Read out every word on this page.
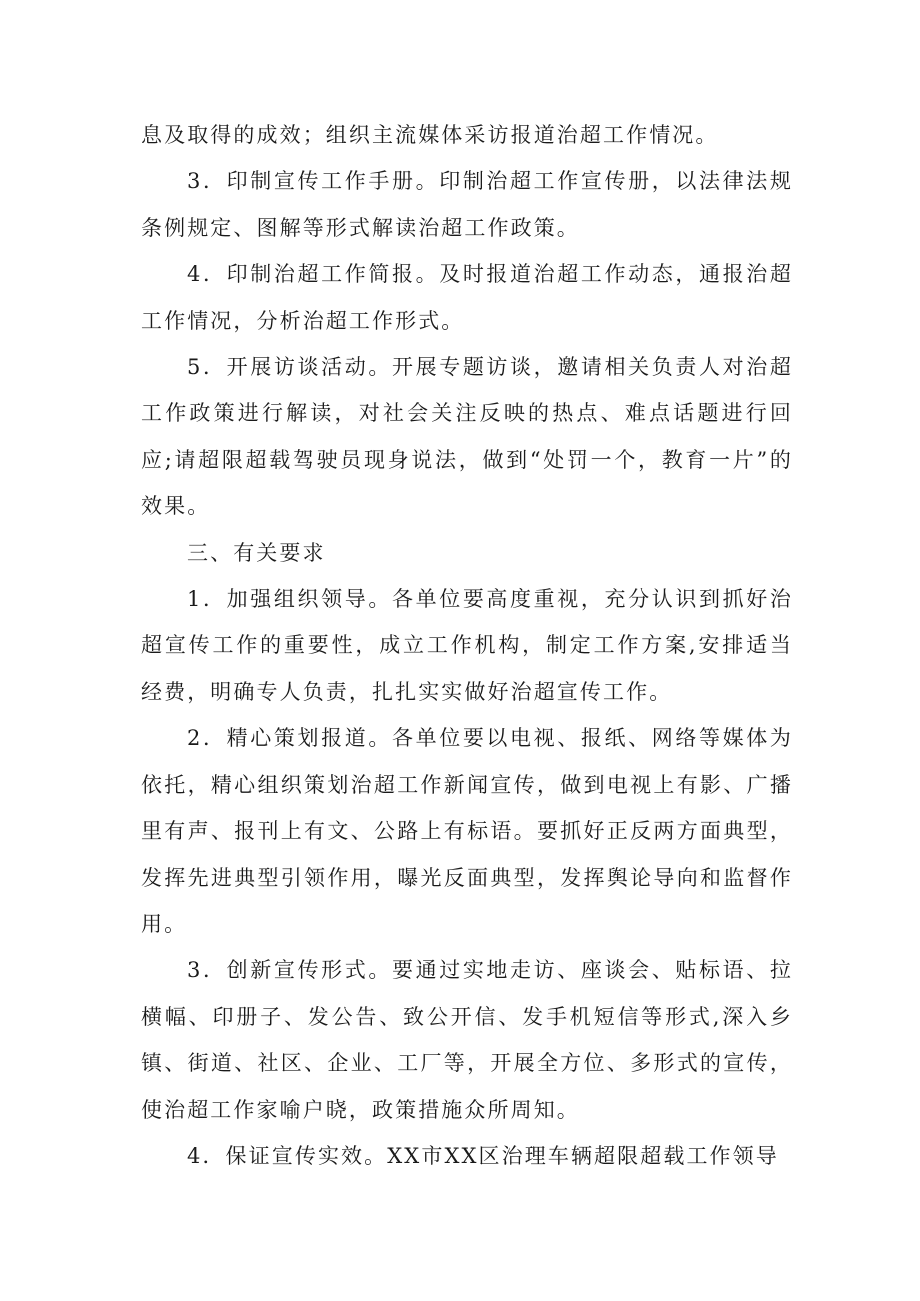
息及取得的成效；组织主流媒体采访报道治超工作情况。

3．印制宣传工作手册。印制治超工作宣传册，以法律法规条例规定、图解等形式解读治超工作政策。

4．印制治超工作简报。及时报道治超工作动态，通报治超工作情况，分析治超工作形式。

5．开展访谈活动。开展专题访谈，邀请相关负责人对治超工作政策进行解读，对社会关注反映的热点、难点话题进行回应;请超限超载驾驶员现身说法，做到“处罚一个，教育一片”的效果。

三、有关要求

1．加强组织领导。各单位要高度重视，充分认识到抓好治超宣传工作的重要性，成立工作机构，制定工作方案,安排适当经费，明确专人负责，扎扎实实做好治超宣传工作。

2．精心策划报道。各单位要以电视、报纸、网络等媒体为依托，精心组织策划治超工作新闻宣传，做到电视上有影、广播里有声、报刊上有文、公路上有标语。要抓好正反两方面典型，发挥先进典型引领作用，曝光反面典型，发挥舆论导向和监督作用。

3．创新宣传形式。要通过实地走访、座谈会、贴标语、拉横幅、印册子、发公告、致公开信、发手机短信等形式,深入乡镇、街道、社区、企业、工厂等，开展全方位、多形式的宣传，使治超工作家喻户晓，政策措施众所周知。

4．保证宣传实效。XX市XX区治理车辆超限超载工作领导
